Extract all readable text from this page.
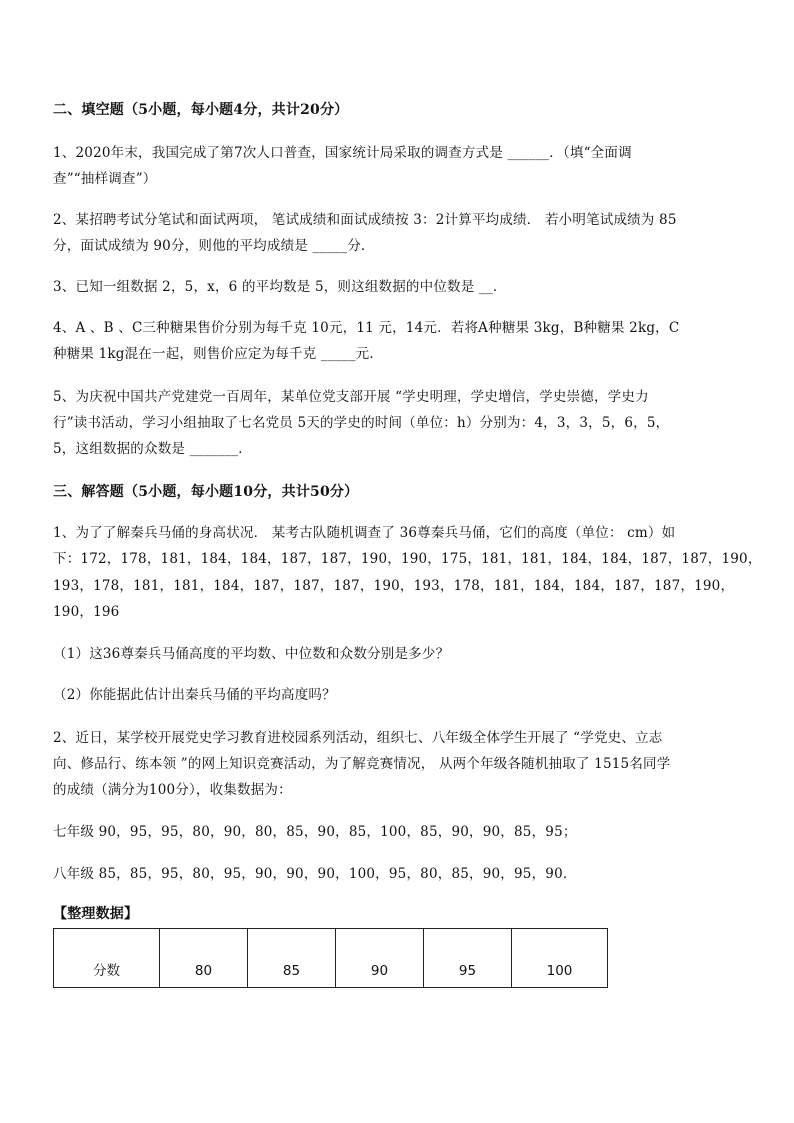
二、填空题（5小题，每小题4分，共计20分）
1、2020年末，我国完成了第7次人口普查，国家统计局采取的调查方式是 ______．（填“全面调
查”“抽样调查”）
2、某招聘考试分笔试和面试两项， 笔试成绩和面试成绩按 3：2计算平均成绩． 若小明笔试成绩为 85
分，面试成绩为 90分，则他的平均成绩是 _____分．
3、已知一组数据 2，5，x，6 的平均数是 5，则这组数据的中位数是 __．
4、A 、B 、C三种糖果售价分别为每千克 10元，11 元，14元．若将A种糖果 3kg，B种糖果 2kg，C
种糖果 1kg混在一起，则售价应定为每千克 _____元．
5、为庆祝中国共产党建党一百周年，某单位党支部开展 “学史明理，学史增信，学史崇德，学史力
行”读书活动，学习小组抽取了七名党员 5天的学史的时间（单位：h）分别为：4，3，3，5，6，5，
5，这组数据的众数是 _______．
三、解答题（5小题，每小题10分，共计50分）
1、为了了解秦兵马俑的身高状况． 某考古队随机调查了 36尊秦兵马俑，它们的高度（单位： cm）如
下：172，178，181，184，184，187，187，190，190，175，181，181，184，184，187，187，190，
193，178，181，181，184，187，187，187，190，193，178，181，184，184，187，187，190，
190，196
（1）这36尊秦兵马俑高度的平均数、中位数和众数分别是多少？
（2）你能据此估计出秦兵马俑的平均高度吗？
2、近日，某学校开展党史学习教育进校园系列活动，组织七、八年级全体学生开展了 “学党史、立志
向、修品行、练本领 ”的网上知识竞赛活动，为了解竞赛情况， 从两个年级各随机抽取了 1515名同学
的成绩（满分为100分），收集数据为：
七年级 90，95，95，80，90，80，85，90，85，100，85，90，90，85，95；
八年级 85，85，95，80，95，90，90，90，100，95，80，85，90，95，90．
【整理数据】
分数	80	85	90	95	100
